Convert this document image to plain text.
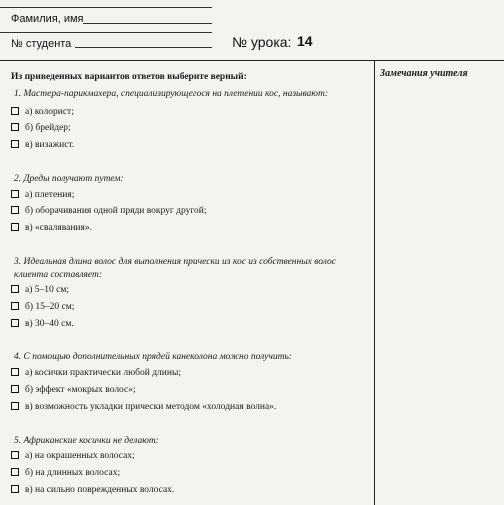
Фамилия, имя
№ студента	№ урока: 14
Замечания учителя
Из приведенных вариантов ответов выберите верный:
1. Мастера-парикмахера, специализирующегося на плетении кос, называют:
а) колорист;
б) брейдер;
в) визажист.
2. Дреды получают путем:
а) плетения;
б) оборачивания одной пряди вокруг другой;
в) «свалявания».
3. Идеальная длина волос для выполнения прически из кос из собственных волос клиента составляет:
а) 5–10 см;
б) 15–20 см;
в) 30–40 см.
4. С помощью дополнительных прядей канеколона можно получить:
а) косички практически любой длины;
б) эффект «мокрых волос»;
в) возможность укладки прически методом «холодная волна».
5. Африканские косички не делают:
а) на окрашенных волосах;
б) на длинных волосах;
в) на сильно поврежденных волосах.
